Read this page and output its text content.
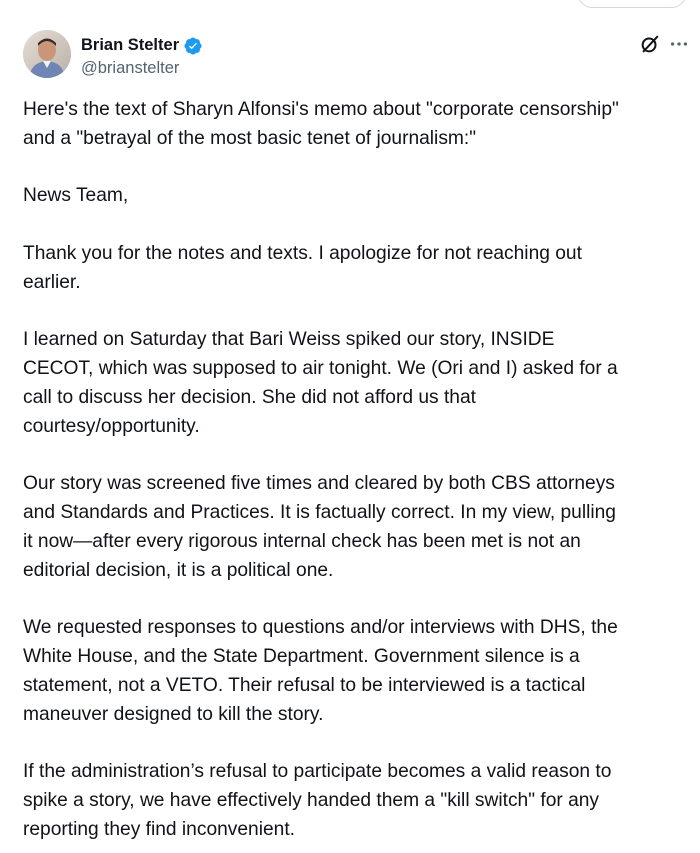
Brian Stelter
@brianstelter

Here's the text of Sharyn Alfonsi's memo about "corporate censorship"
and a "betrayal of the most basic tenet of journalism:"

News Team,

Thank you for the notes and texts. I apologize for not reaching out
earlier.

I learned on Saturday that Bari Weiss spiked our story, INSIDE
CECOT, which was supposed to air tonight. We (Ori and I) asked for a
call to discuss her decision. She did not afford us that
courtesy/opportunity.

Our story was screened five times and cleared by both CBS attorneys
and Standards and Practices. It is factually correct. In my view, pulling
it now—after every rigorous internal check has been met is not an
editorial decision, it is a political one.

We requested responses to questions and/or interviews with DHS, the
White House, and the State Department. Government silence is a
statement, not a VETO. Their refusal to be interviewed is a tactical
maneuver designed to kill the story.

If the administration’s refusal to participate becomes a valid reason to
spike a story, we have effectively handed them a "kill switch" for any
reporting they find inconvenient.
